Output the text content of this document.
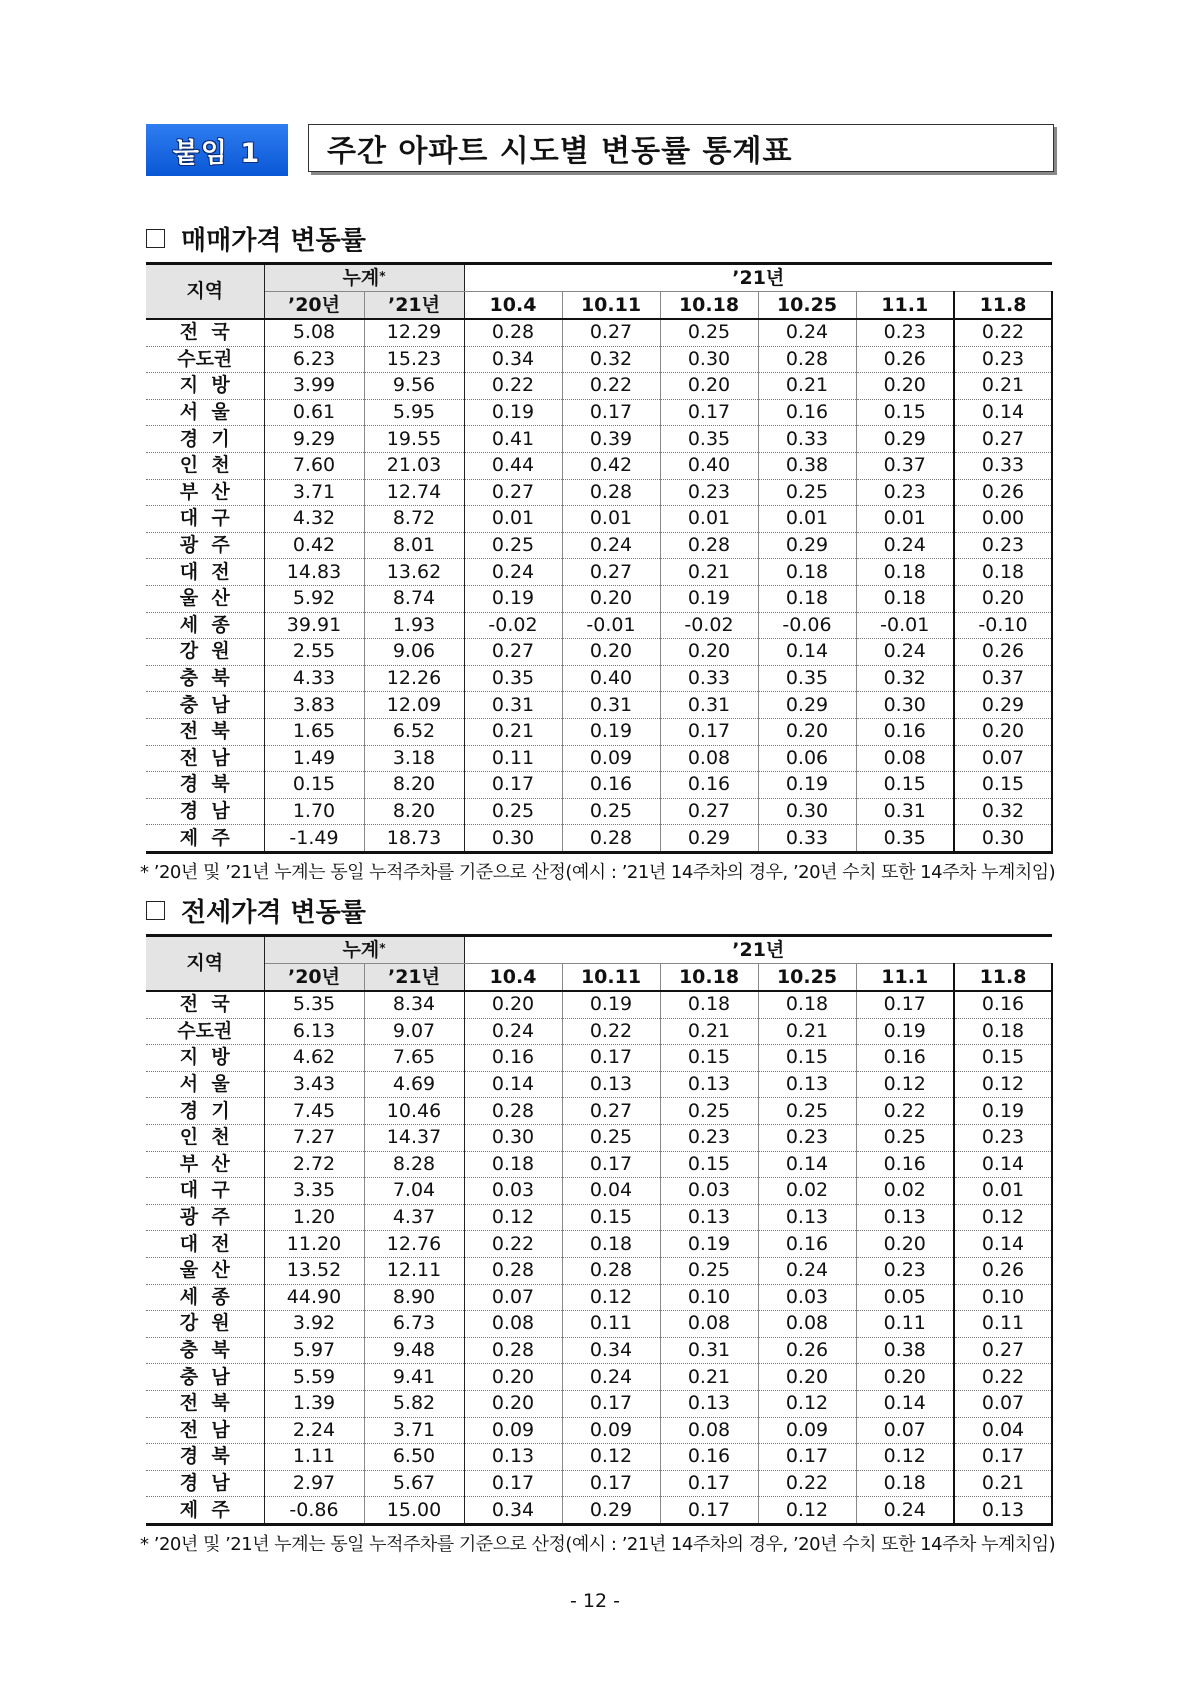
붙임 1	주간 아파트 시도별 변동률 통계표
매매가격 변동률
지역	누계*		’21년					
	’20년	’21년	10.4	10.11	10.18	10.25	11.1	11.8
전  국	5.08	12.29	0.28	0.27	0.25	0.24	0.23	0.22
수도권	6.23	15.23	0.34	0.32	0.30	0.28	0.26	0.23
지  방	3.99	9.56	0.22	0.22	0.20	0.21	0.20	0.21
서  울	0.61	5.95	0.19	0.17	0.17	0.16	0.15	0.14
경  기	9.29	19.55	0.41	0.39	0.35	0.33	0.29	0.27
인  천	7.60	21.03	0.44	0.42	0.40	0.38	0.37	0.33
부  산	3.71	12.74	0.27	0.28	0.23	0.25	0.23	0.26
대  구	4.32	8.72	0.01	0.01	0.01	0.01	0.01	0.00
광  주	0.42	8.01	0.25	0.24	0.28	0.29	0.24	0.23
대  전	14.83	13.62	0.24	0.27	0.21	0.18	0.18	0.18
울  산	5.92	8.74	0.19	0.20	0.19	0.18	0.18	0.20
세  종	39.91	1.93	-0.02	-0.01	-0.02	-0.06	-0.01	-0.10
강  원	2.55	9.06	0.27	0.20	0.20	0.14	0.24	0.26
충  북	4.33	12.26	0.35	0.40	0.33	0.35	0.32	0.37
충  남	3.83	12.09	0.31	0.31	0.31	0.29	0.30	0.29
전  북	1.65	6.52	0.21	0.19	0.17	0.20	0.16	0.20
전  남	1.49	3.18	0.11	0.09	0.08	0.06	0.08	0.07
경  북	0.15	8.20	0.17	0.16	0.16	0.19	0.15	0.15
경  남	1.70	8.20	0.25	0.25	0.27	0.30	0.31	0.32
제  주	-1.49	18.73	0.30	0.28	0.29	0.33	0.35	0.30
* ’20년 및 ’21년 누계는 동일 누적주차를 기준으로 산정(예시 : ’21년 14주차의 경우, ’20년 수치 또한 14주차 누계치임)
전세가격 변동률
지역	누계*		’21년					
	’20년	’21년	10.4	10.11	10.18	10.25	11.1	11.8
전  국	5.35	8.34	0.20	0.19	0.18	0.18	0.17	0.16
수도권	6.13	9.07	0.24	0.22	0.21	0.21	0.19	0.18
지  방	4.62	7.65	0.16	0.17	0.15	0.15	0.16	0.15
서  울	3.43	4.69	0.14	0.13	0.13	0.13	0.12	0.12
경  기	7.45	10.46	0.28	0.27	0.25	0.25	0.22	0.19
인  천	7.27	14.37	0.30	0.25	0.23	0.23	0.25	0.23
부  산	2.72	8.28	0.18	0.17	0.15	0.14	0.16	0.14
대  구	3.35	7.04	0.03	0.04	0.03	0.02	0.02	0.01
광  주	1.20	4.37	0.12	0.15	0.13	0.13	0.13	0.12
대  전	11.20	12.76	0.22	0.18	0.19	0.16	0.20	0.14
울  산	13.52	12.11	0.28	0.28	0.25	0.24	0.23	0.26
세  종	44.90	8.90	0.07	0.12	0.10	0.03	0.05	0.10
강  원	3.92	6.73	0.08	0.11	0.08	0.08	0.11	0.11
충  북	5.97	9.48	0.28	0.34	0.31	0.26	0.38	0.27
충  남	5.59	9.41	0.20	0.24	0.21	0.20	0.20	0.22
전  북	1.39	5.82	0.20	0.17	0.13	0.12	0.14	0.07
전  남	2.24	3.71	0.09	0.09	0.08	0.09	0.07	0.04
경  북	1.11	6.50	0.13	0.12	0.16	0.17	0.12	0.17
경  남	2.97	5.67	0.17	0.17	0.17	0.22	0.18	0.21
제  주	-0.86	15.00	0.34	0.29	0.17	0.12	0.24	0.13
* ’20년 및 ’21년 누계는 동일 누적주차를 기준으로 산정(예시 : ’21년 14주차의 경우, ’20년 수치 또한 14주차 누계치임)
- 12 -
